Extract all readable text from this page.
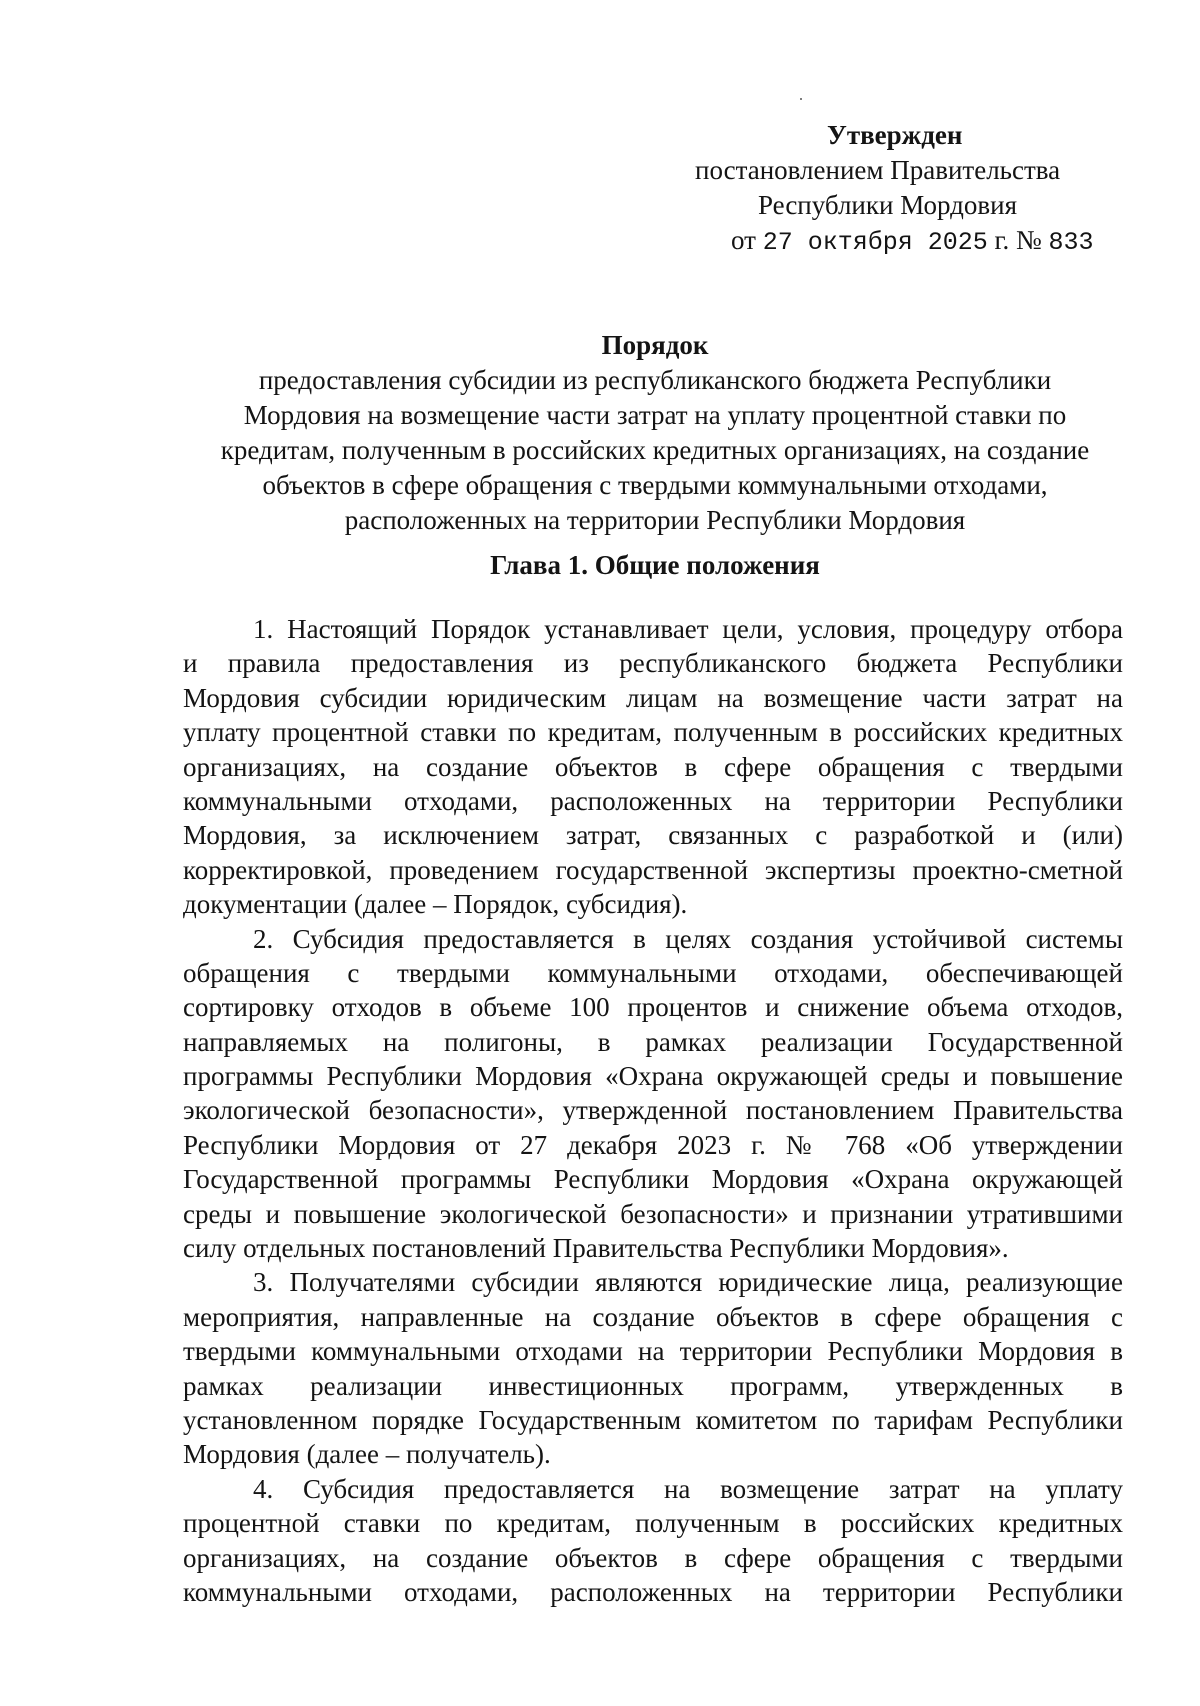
Утвержден
постановлением Правительства
Республики Мордовия
от 27 октября 2025 г. № 833
Порядок
предоставления субсидии из республиканского бюджета Республики
Мордовия на возмещение части затрат на уплату процентной ставки по
кредитам, полученным в российских кредитных организациях, на создание
объектов в сфере обращения с твердыми коммунальными отходами,
расположенных на территории Республики Мордовия
Глава 1. Общие положения
1. Настоящий Порядок устанавливает цели, условия, процедуру отбора
и правила предоставления из республиканского бюджета Республики
Мордовия субсидии юридическим лицам на возмещение части затрат на
уплату процентной ставки по кредитам, полученным в российских кредитных
организациях, на создание объектов в сфере обращения с твердыми
коммунальными отходами, расположенных на территории Республики
Мордовия, за исключением затрат, связанных с разработкой и (или)
корректировкой, проведением государственной экспертизы проектно-сметной
документации (далее – Порядок, субсидия).
2. Субсидия предоставляется в целях создания устойчивой системы
обращения с твердыми коммунальными отходами, обеспечивающей
сортировку отходов в объеме 100 процентов и снижение объема отходов,
направляемых на полигоны, в рамках реализации Государственной
программы Республики Мордовия «Охрана окружающей среды и повышение
экологической безопасности», утвержденной постановлением Правительства
Республики Мордовия от 27 декабря 2023 г. № 768 «Об утверждении
Государственной программы Республики Мордовия «Охрана окружающей
среды и повышение экологической безопасности» и признании утратившими
силу отдельных постановлений Правительства Республики Мордовия».
3. Получателями субсидии являются юридические лица, реализующие
мероприятия, направленные на создание объектов в сфере обращения с
твердыми коммунальными отходами на территории Республики Мордовия в
рамках реализации инвестиционных программ, утвержденных в
установленном порядке Государственным комитетом по тарифам Республики
Мордовия (далее – получатель).
4. Субсидия предоставляется на возмещение затрат на уплату
процентной ставки по кредитам, полученным в российских кредитных
организациях, на создание объектов в сфере обращения с твердыми
коммунальными отходами, расположенных на территории Республики
